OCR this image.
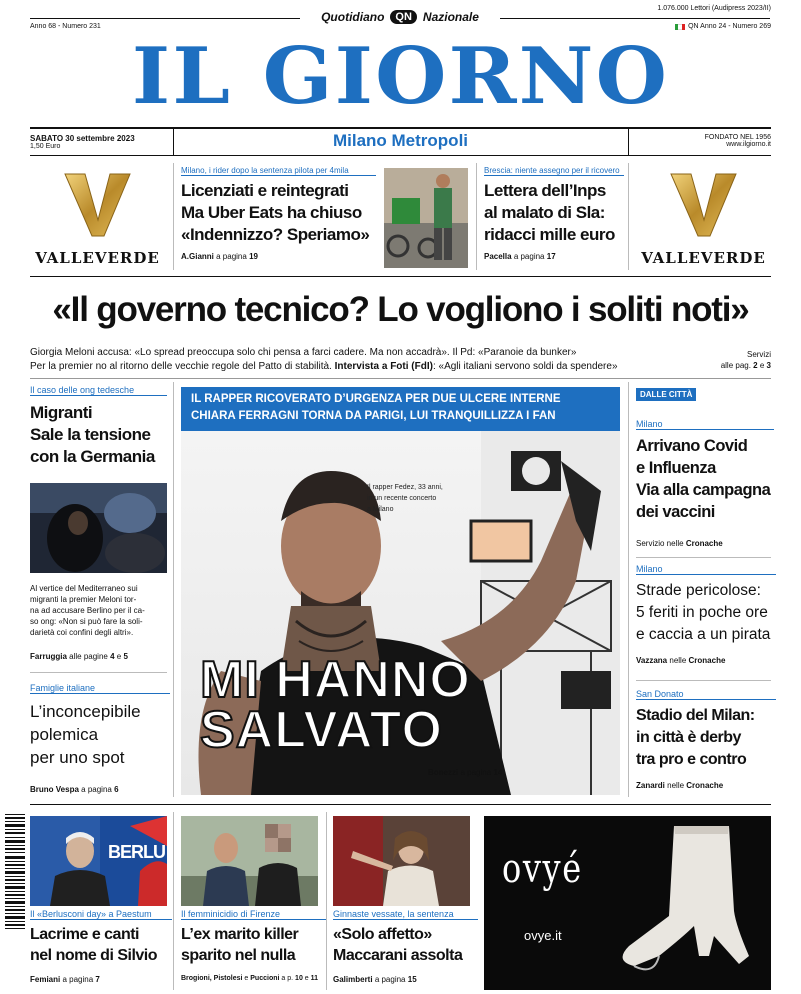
Quotidiano	QN Nazionale
Anno 68 - Numero 231
1.076.000 Lettori (Audipress 2023/II)
QN Anno 24 - Numero 269
IL GIORNO
SABATO 30 settembre 2023
1,50 Euro	Milano Metropoli	FONDATO NEL 1956
www.ilgiorno.it
VALLEVERDE
Milano, i rider dopo la sentenza pilota per 4mila
Licenziati e reintegrati
Ma Uber Eats ha chiuso
«Indennizzo? Speriamo»
A.Gianni a pagina 19
Brescia: niente assegno per il ricovero
Lettera dell’Inps
al malato di Sla:
ridacci mille euro
Pacella a pagina 17	VALLEVERDE
«Il governo tecnico? Lo vogliono i soliti noti»
Giorgia Meloni accusa: «Lo spread preoccupa solo chi pensa a farci cadere. Ma non accadrà». Il Pd: «Paranoie da bunker»
Per la premier no al ritorno delle vecchie regole del Patto di stabilità. Intervista a Foti (FdI): «Agli italiani servono soldi da spendere»
Servizi
alle pag. 2 e 3
Il caso delle ong tedesche
Migranti
Sale la tensione
con la Germania
Al vertice del Mediterraneo sui
migranti la premier Meloni tor-
na ad accusare Berlino per il ca-
so ong: «Non si può fare la soli-
darietà coi confini degli altri».
Farruggia alle pagine 4 e 5
Famiglie italiane
L’inconcepibile
polemica
per uno spot
Bruno Vespa a pagina 6
IL RAPPER RICOVERATO D’URGENZA PER DUE ULCERE INTERNE
CHIARA FERRAGNI TORNA DA PARIGI, LUI TRANQUILLIZZA I FAN
Il rapper Fedez, 33 anni,
in un recente concerto
a Milano
MI HANNO
SALVATO
Bonezzi a pagina 14
DALLE CITTÀ
Milano
Arrivano Covid
e Influenza
Via alla campagna
dei vaccini
Servizio nelle Cronache
Milano
Strade pericolose:
5 feriti in poche ore
e caccia a un pirata
Vazzana nelle Cronache
San Donato
Stadio del Milan:
in città è derby
tra pro e contro
Zanardi nelle Cronache
BERLU
Il «Berlusconi day» a Paestum
Lacrime e canti
nel nome di Silvio
Femiani a pagina 7
Il femminicidio di Firenze
L’ex marito killer
sparito nel nulla
Brogioni, Pistolesi e Puccioni a p. 10 e 11
Ginnaste vessate, la sentenza
«Solo affetto»
Maccarani assolta
Galimberti a pagina 15
ovyé
ovye.it
